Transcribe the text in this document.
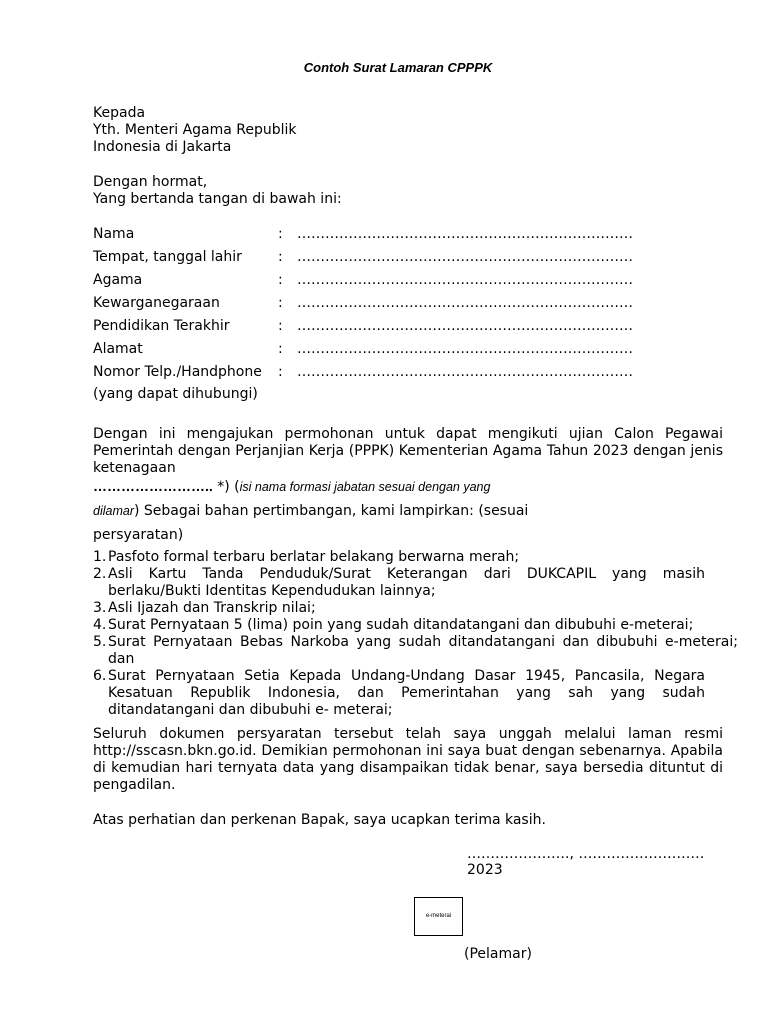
Contoh Surat Lamaran CPPPK
Kepada
Yth. Menteri Agama Republik
Indonesia di Jakarta
Dengan hormat,
Yang bertanda tangan di bawah ini:
Nama	: ………………………………………………………………
Tempat, tanggal lahir	: ………………………………………………………………
Agama	: ………………………………………………………………
Kewarganegaraan	: ………………………………………………………………
Pendidikan Terakhir	: ………………………………………………………………
Alamat	: ………………………………………………………………
Nomor Telp./Handphone : ………………………………………………………………
(yang dapat dihubungi)
Dengan ini mengajukan permohonan untuk dapat mengikuti ujian Calon Pegawai Pemerintah dengan Perjanjian Kerja (PPPK) Kementerian Agama Tahun 2023 dengan jenis ketenagaan
…………………….. *) (isi nama formasi jabatan sesuai dengan yang
dilamar) Sebagai bahan pertimbangan, kami lampirkan: (sesuai
persyaratan)
1. Pasfoto formal terbaru berlatar belakang berwarna merah;
2. Asli Kartu Tanda Penduduk/Surat Keterangan dari DUKCAPIL yang masih berlaku/Bukti Identitas Kependudukan lainnya;
3. Asli Ijazah dan Transkrip nilai;
4. Surat Pernyataan 5 (lima) poin yang sudah ditandatangani dan dibubuhi e-meterai;
5. Surat Pernyataan Bebas Narkoba yang sudah ditandatangani dan dibubuhi e-meterai; dan
6. Surat Pernyataan Setia Kepada Undang-Undang Dasar 1945, Pancasila, Negara Kesatuan Republik Indonesia, dan Pemerintahan yang sah yang sudah ditandatangani dan dibubuhi e- meterai;
Seluruh dokumen persyaratan tersebut telah saya unggah melalui laman resmi http://sscasn.bkn.go.id. Demikian permohonan ini saya buat dengan sebenarnya. Apabila di kemudian hari ternyata data yang disampaikan tidak benar, saya bersedia dituntut di pengadilan.
Atas perhatian dan perkenan Bapak, saya ucapkan terima kasih.
…………………., ………………………
2023
e-meterai
(Pelamar)
